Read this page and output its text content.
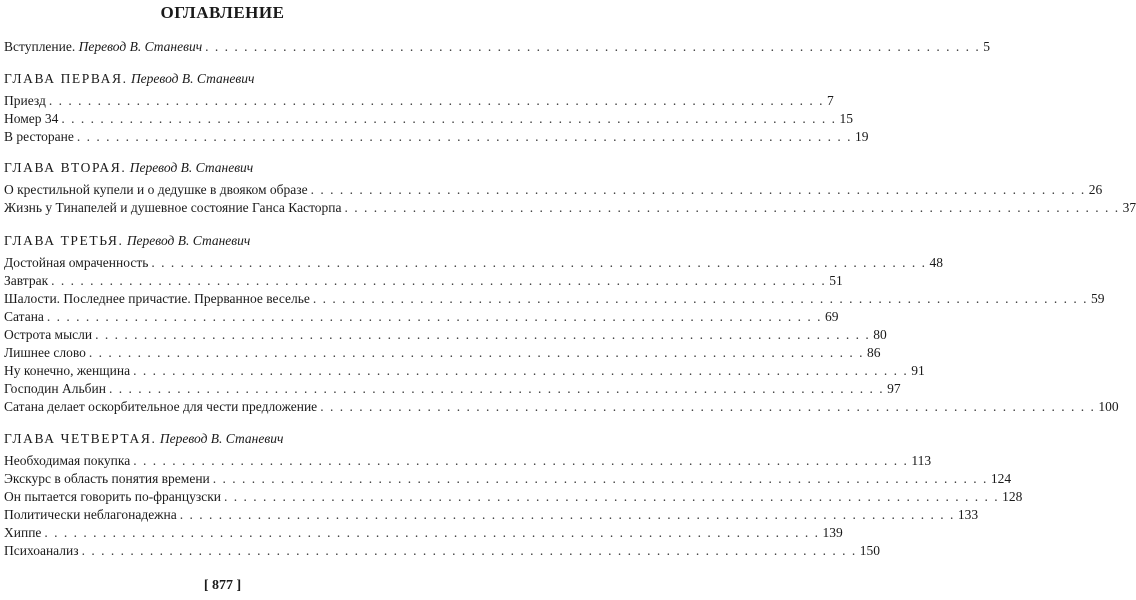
ОГЛАВЛЕНИЕ
Вступление. Перевод В. Станевич . . . . . . . . . . . . . . . . . . . . . . . . . . . . . . . . . . . . . . . . . . . . . . . . . . . . . . . . . . . . . . . . . . . . . . . . . . . . . . . . 5
ГЛАВА ПЕРВАЯ. Перевод В. Станевич
Приезд . . . . . . . . . . . . . . . . . . . . . . . . . . . . . . . . . . . . . . . . . . . . . . . . . . . . . . . . . . . . . . . . . . . . . . . . . . . . . . . . 7
Номер 34 . . . . . . . . . . . . . . . . . . . . . . . . . . . . . . . . . . . . . . . . . . . . . . . . . . . . . . . . . . . . . . . . . . . . . . . . . . . . . . . . 15
В ресторане . . . . . . . . . . . . . . . . . . . . . . . . . . . . . . . . . . . . . . . . . . . . . . . . . . . . . . . . . . . . . . . . . . . . . . . . . . . . . . . . 19
ГЛАВА ВТОРАЯ. Перевод В. Станевич
О крестильной купели и о дедушке в двояком образе . . . . . . . . . . . . . . . . . . . . . . . . . . . . . . . . . . . . . . . . . . . . . . . . . . . . . . . . . . . . . . . . . . . . . . . . . . . . . . . . 26
Жизнь у Тинапелей и душевное состояние Ганса Касторпа . . . . . . . . . . . . . . . . . . . . . . . . . . . . . . . . . . . . . . . . . . . . . . . . . . . . . . . . . . . . . . . . . . . . . . . . . . . . . . . . 37
ГЛАВА ТРЕТЬЯ. Перевод В. Станевич
Достойная омраченность . . . . . . . . . . . . . . . . . . . . . . . . . . . . . . . . . . . . . . . . . . . . . . . . . . . . . . . . . . . . . . . . . . . . . . . . . . . . . . . . 48
Завтрак . . . . . . . . . . . . . . . . . . . . . . . . . . . . . . . . . . . . . . . . . . . . . . . . . . . . . . . . . . . . . . . . . . . . . . . . . . . . . . . . 51
Шалости. Последнее причастие. Прерванное веселье . . . . . . . . . . . . . . . . . . . . . . . . . . . . . . . . . . . . . . . . . . . . . . . . . . . . . . . . . . . . . . . . . . . . . . . . . . . . . . . . 59
Сатана . . . . . . . . . . . . . . . . . . . . . . . . . . . . . . . . . . . . . . . . . . . . . . . . . . . . . . . . . . . . . . . . . . . . . . . . . . . . . . . . 69
Острота мысли . . . . . . . . . . . . . . . . . . . . . . . . . . . . . . . . . . . . . . . . . . . . . . . . . . . . . . . . . . . . . . . . . . . . . . . . . . . . . . . . 80
Лишнее слово . . . . . . . . . . . . . . . . . . . . . . . . . . . . . . . . . . . . . . . . . . . . . . . . . . . . . . . . . . . . . . . . . . . . . . . . . . . . . . . . 86
Ну конечно, женщина . . . . . . . . . . . . . . . . . . . . . . . . . . . . . . . . . . . . . . . . . . . . . . . . . . . . . . . . . . . . . . . . . . . . . . . . . . . . . . . . 91
Господин Альбин . . . . . . . . . . . . . . . . . . . . . . . . . . . . . . . . . . . . . . . . . . . . . . . . . . . . . . . . . . . . . . . . . . . . . . . . . . . . . . . . 97
Сатана делает оскорбительное для чести предложение . . . . . . . . . . . . . . . . . . . . . . . . . . . . . . . . . . . . . . . . . . . . . . . . . . . . . . . . . . . . . . . . . . . . . . . . . . . . . . . . 100
ГЛАВА ЧЕТВЕРТАЯ. Перевод В. Станевич
Необходимая покупка . . . . . . . . . . . . . . . . . . . . . . . . . . . . . . . . . . . . . . . . . . . . . . . . . . . . . . . . . . . . . . . . . . . . . . . . . . . . . . . . 113
Экскурс в область понятия времени . . . . . . . . . . . . . . . . . . . . . . . . . . . . . . . . . . . . . . . . . . . . . . . . . . . . . . . . . . . . . . . . . . . . . . . . . . . . . . . . 124
Он пытается говорить по-французски . . . . . . . . . . . . . . . . . . . . . . . . . . . . . . . . . . . . . . . . . . . . . . . . . . . . . . . . . . . . . . . . . . . . . . . . . . . . . . . . 128
Политически неблагонадежна . . . . . . . . . . . . . . . . . . . . . . . . . . . . . . . . . . . . . . . . . . . . . . . . . . . . . . . . . . . . . . . . . . . . . . . . . . . . . . . . 133
Хиппе . . . . . . . . . . . . . . . . . . . . . . . . . . . . . . . . . . . . . . . . . . . . . . . . . . . . . . . . . . . . . . . . . . . . . . . . . . . . . . . . 139
Психоанализ . . . . . . . . . . . . . . . . . . . . . . . . . . . . . . . . . . . . . . . . . . . . . . . . . . . . . . . . . . . . . . . . . . . . . . . . . . . . . . . . 150
[ 877 ]
